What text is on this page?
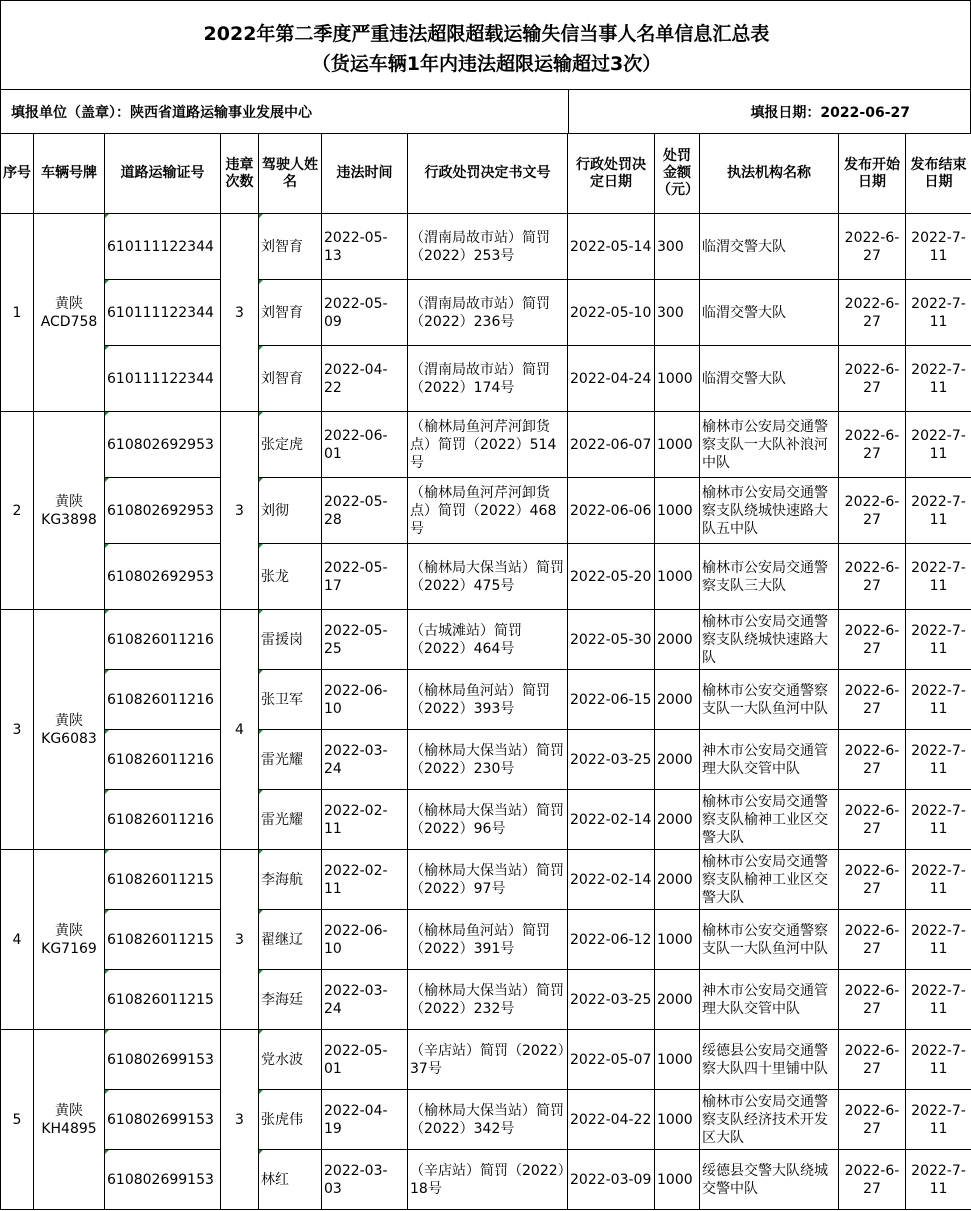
2022年第二季度严重违法超限超载运输失信当事人名单信息汇总表
（货运车辆1年内违法超限运输超过3次）
填报单位（盖章）：陕西省道路运输事业发展中心	填报日期：2022-06-27
序号	车辆号牌	道路运输证号	违章次数	驾驶人姓名	违法时间	行政处罚决定书文号	行政处罚决定日期	处罚金额（元）	执法机构名称	发布开始日期	发布结束日期
1	黄陕ACD758	610111122344	3	刘智育	2022-05-13	（渭南局故市站）简罚（2022）253号	2022-05-14	300	临渭交警大队	2022-6-27	2022-7-11
		610111122344		刘智育	2022-05-09	（渭南局故市站）简罚（2022）236号	2022-05-10	300	临渭交警大队	2022-6-27	2022-7-11
		610111122344		刘智育	2022-04-22	（渭南局故市站）简罚（2022）174号	2022-04-24	1000	临渭交警大队	2022-6-27	2022-7-11
2	黄陕KG3898	610802692953	3	张定虎	2022-06-01	（榆林局鱼河芹河卸货点）简罚（2022）514号	2022-06-07	1000	榆林市公安局交通警察支队一大队补浪河中队	2022-6-27	2022-7-11
		610802692953		刘彻	2022-05-28	（榆林局鱼河芹河卸货点）简罚（2022）468号	2022-06-06	1000	榆林市公安局交通警察支队绕城快速路大队五中队	2022-6-27	2022-7-11
		610802692953		张龙	2022-05-17	（榆林局大保当站）简罚（2022）475号	2022-05-20	1000	榆林市公安局交通警察支队三大队	2022-6-27	2022-7-11
3	黄陕KG6083	610826011216	4	雷援岗	2022-05-25	（古城滩站）简罚（2022）464号	2022-05-30	2000	榆林市公安局交通警察支队绕城快速路大队	2022-6-27	2022-7-11
		610826011216		张卫军	2022-06-10	（榆林局鱼河站）简罚（2022）393号	2022-06-15	2000	榆林市公安交通警察支队一大队鱼河中队	2022-6-27	2022-7-11
		610826011216		雷光耀	2022-03-24	（榆林局大保当站）简罚（2022）230号	2022-03-25	2000	神木市公安局交通管理大队交管中队	2022-6-27	2022-7-11
		610826011216		雷光耀	2022-02-11	（榆林局大保当站）简罚（2022）96号	2022-02-14	2000	榆林市公安局交通警察支队榆神工业区交警大队	2022-6-27	2022-7-11
4	黄陕KG7169	610826011215	3	李海航	2022-02-11	（榆林局大保当站）简罚（2022）97号	2022-02-14	2000	榆林市公安局交通警察支队榆神工业区交警大队	2022-6-27	2022-7-11
		610826011215		翟继辽	2022-06-10	（榆林局鱼河站）简罚（2022）391号	2022-06-12	1000	榆林市公安交通警察支队一大队鱼河中队	2022-6-27	2022-7-11
		610826011215		李海廷	2022-03-24	（榆林局大保当站）简罚（2022）232号	2022-03-25	2000	神木市公安局交通管理大队交管中队	2022-6-27	2022-7-11
5	黄陕KH4895	610802699153	3	党水波	2022-05-01	（辛店站）简罚（2022）37号	2022-05-07	1000	绥德县公安局交通警察大队四十里铺中队	2022-6-27	2022-7-11
		610802699153		张虎伟	2022-04-19	（榆林局大保当站）简罚（2022）342号	2022-04-22	1000	榆林市公安局交通警察支队经济技术开发区大队	2022-6-27	2022-7-11
		610802699153		林红	2022-03-03	（辛店站）简罚（2022）18号	2022-03-09	1000	绥德县交警大队绕城交警中队	2022-6-27	2022-7-11
